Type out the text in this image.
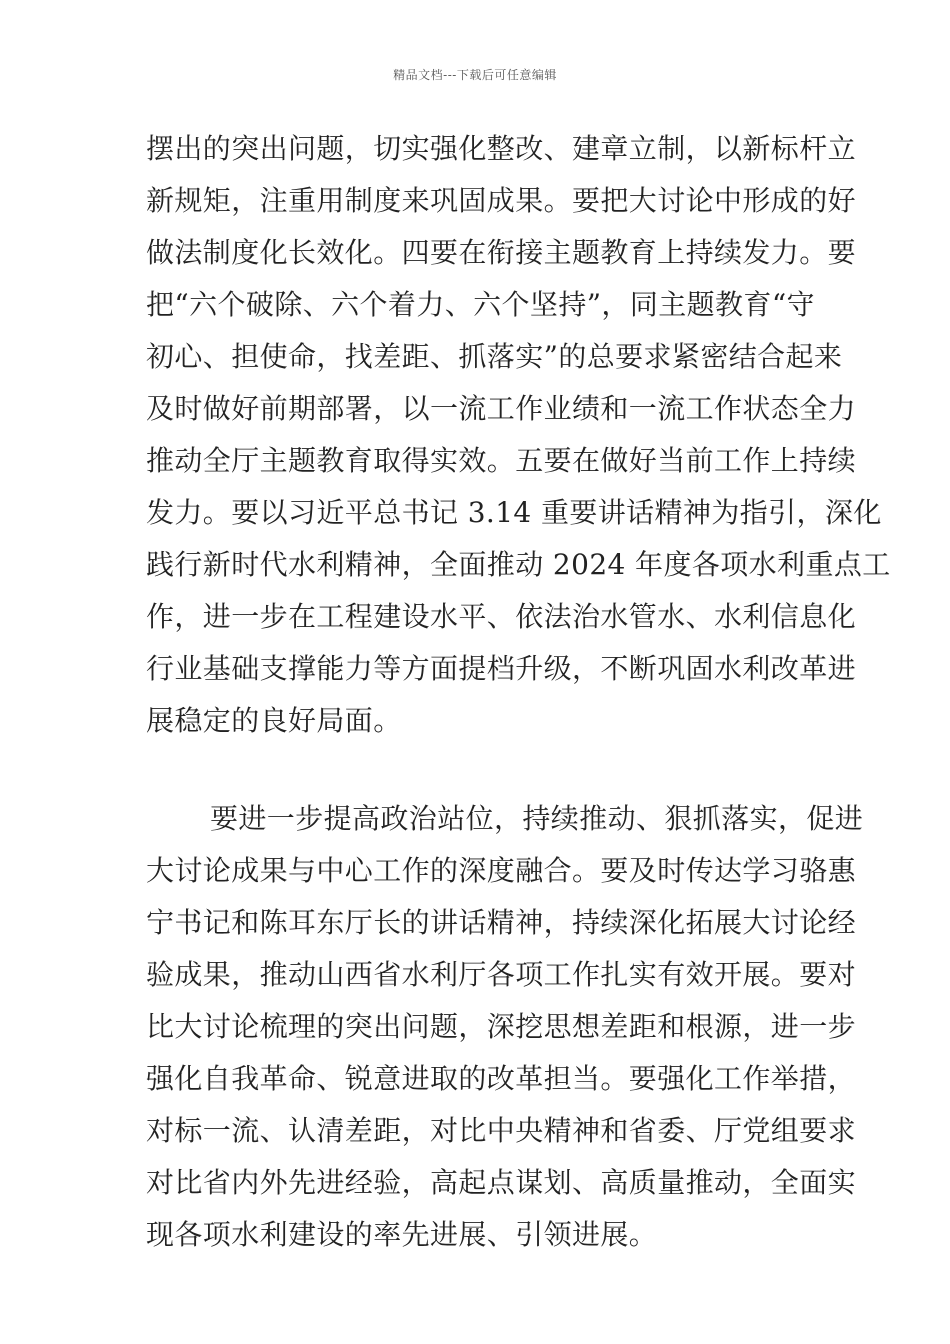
精品文档---下载后可任意编辑
摆出的突出问题，切实强化整改、建章立制，以新标杆立
新规矩，注重用制度来巩固成果。要把大讨论中形成的好
做法制度化长效化。四要在衔接主题教育上持续发力。要
把“六个破除、六个着力、六个坚持”，同主题教育“守
初心、担使命，找差距、抓落实”的总要求紧密结合起来
及时做好前期部署，以一流工作业绩和一流工作状态全力
推动全厅主题教育取得实效。五要在做好当前工作上持续
发力。要以习近平总书记 3.14 重要讲话精神为指引，深化
践行新时代水利精神，全面推动 2024 年度各项水利重点工
作，进一步在工程建设水平、依法治水管水、水利信息化
行业基础支撑能力等方面提档升级，不断巩固水利改革进
展稳定的良好局面。
要进一步提高政治站位，持续推动、狠抓落实，促进
大讨论成果与中心工作的深度融合。要及时传达学习骆惠
宁书记和陈耳东厅长的讲话精神，持续深化拓展大讨论经
验成果，推动山西省水利厅各项工作扎实有效开展。要对
比大讨论梳理的突出问题，深挖思想差距和根源，进一步
强化自我革命、锐意进取的改革担当。要强化工作举措，
对标一流、认清差距，对比中央精神和省委、厅党组要求
对比省内外先进经验，高起点谋划、高质量推动，全面实
现各项水利建设的率先进展、引领进展。
